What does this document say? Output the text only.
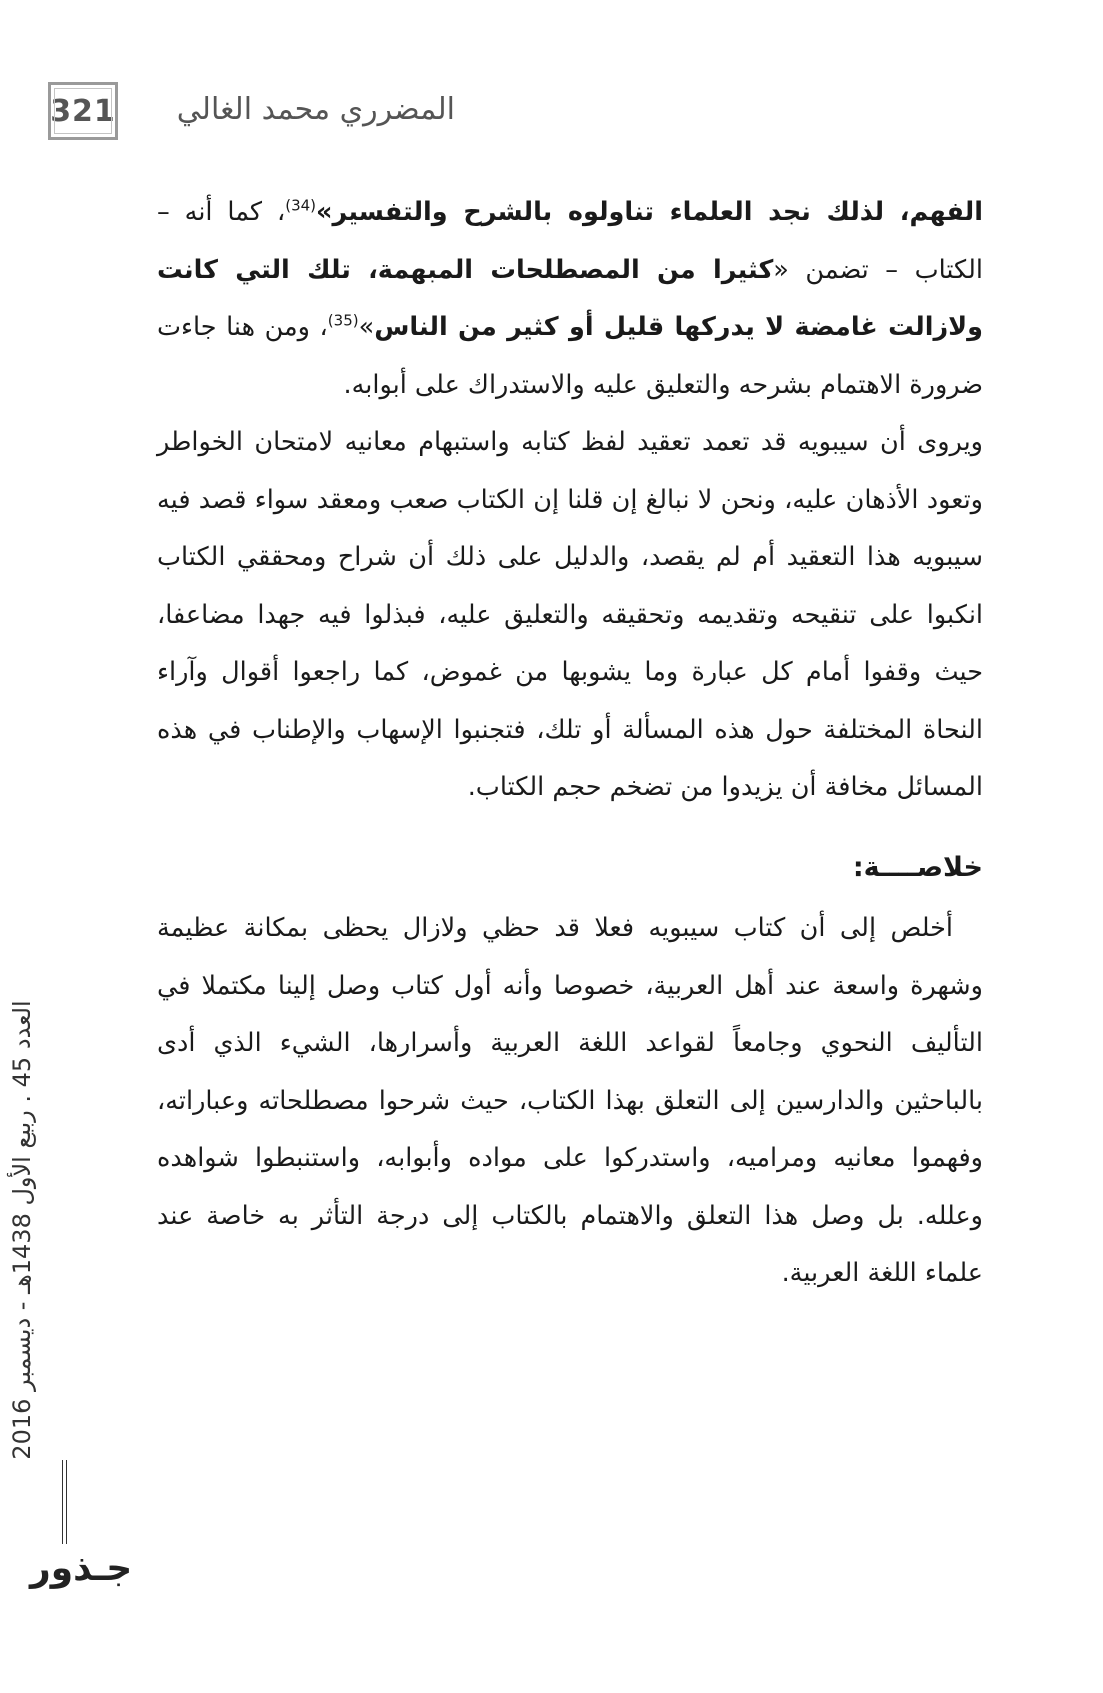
321 المضرري محمد الغالي

الفهم، لذلك نجد العلماء تناولوه بالشرح والتفسير»$^{(34)}$، كما أنه – الكتاب – تضمن «كثيرا من المصطلحات المبهمة، تلك التي كانت ولازالت غامضة لا يدركها قليل أو كثير من الناس»$^{(35)}$، ومن هنا جاءت ضرورة الاهتمام بشرحه والتعليق عليه والاستدراك على أبوابه.

ويروى أن سيبويه قد تعمد تعقيد لفظ كتابه واستبهام معانيه لامتحان الخواطر وتعود الأذهان عليه، ونحن لا نبالغ إن قلنا إن الكتاب صعب ومعقد سواء قصد فيه سيبويه هذا التعقيد أم لم يقصد، والدليل على ذلك أن شراح ومحققي الكتاب انكبوا على تنقيحه وتقديمه وتحقيقه والتعليق عليه، فبذلوا فيه جهدا مضاعفا، حيث وقفوا أمام كل عبارة وما يشوبها من غموض، كما راجعوا أقوال وآراء النحاة المختلفة حول هذه المسألة أو تلك، فتجنبوا الإسهاب والإطناب في هذه المسائل مخافة أن يزيدوا من تضخم حجم الكتاب.

خلاصــــة:

أخلص إلى أن كتاب سيبويه فعلا قد حظي ولازال يحظى بمكانة عظيمة وشهرة واسعة عند أهل العربية، خصوصا وأنه أول كتاب وصل إلينا مكتملا في التأليف النحوي وجامعاً لقواعد اللغة العربية وأسرارها، الشيء الذي أدى بالباحثين والدارسين إلى التعلق بهذا الكتاب، حيث شرحوا مصطلحاته وعباراته، وفهموا معانيه ومراميه، واستدركوا على مواده وأبوابه، واستنبطوا شواهده وعلله. بل وصل هذا التعلق والاهتمام بالكتاب إلى درجة التأثر به خاصة عند علماء اللغة العربية.

العدد 45 . ربيع الأول 1438هـ - ديسمبر 2016
جـذور
